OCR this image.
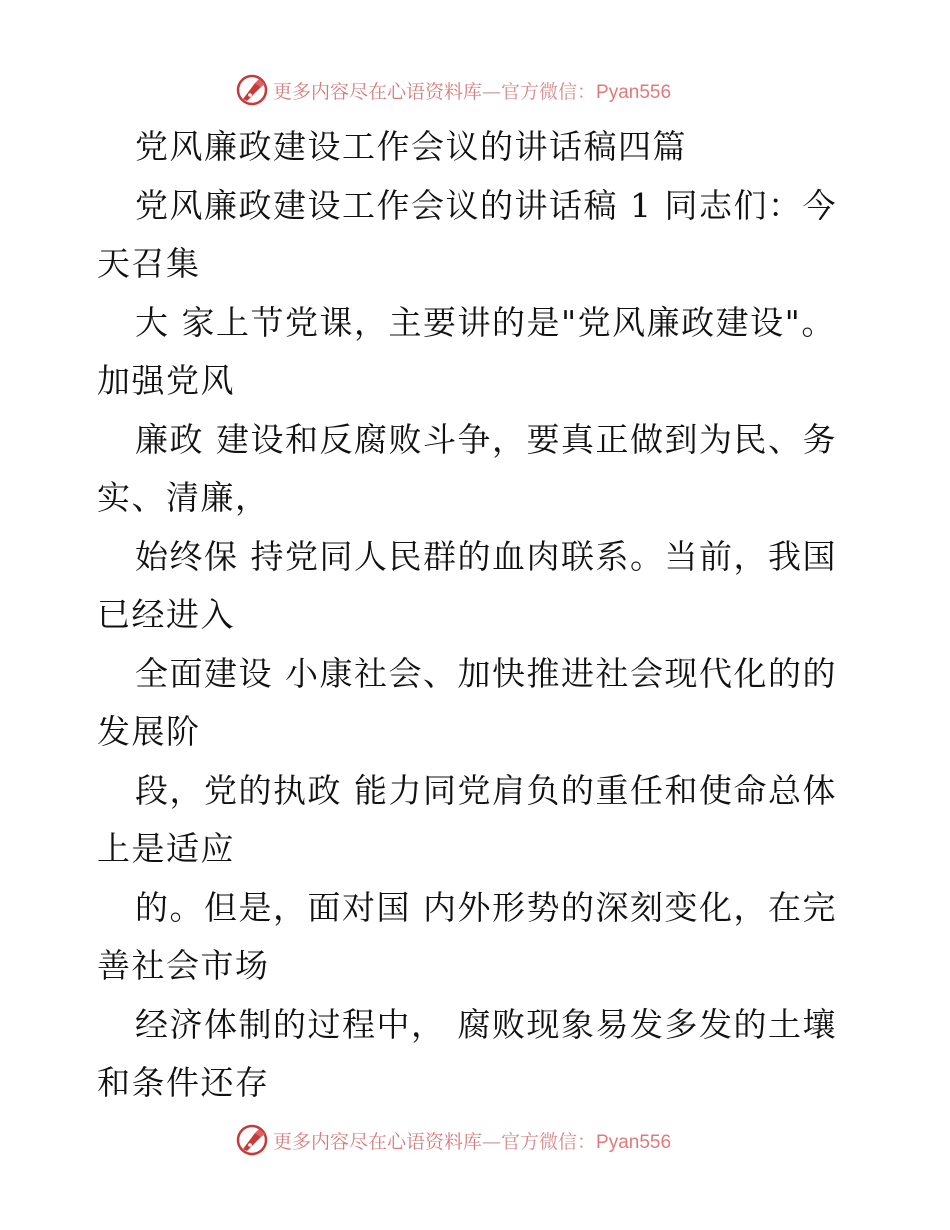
更多内容尽在心语资料库—官方微信：Pyan556
党风廉政建设工作会议的讲话稿四篇
党风廉政建设工作会议的讲话稿 1 同志们：今
天召集
大 家上节党课，主要讲的是"党风廉政建设"。
加强党风
廉政 建设和反腐败斗争，要真正做到为民、务
实、清廉，
始终保 持党同人民群的血肉联系。当前，我国
已经进入
全面建设 小康社会、加快推进社会现代化的的
发展阶
段，党的执政 能力同党肩负的重任和使命总体
上是适应
的。但是，面对国 内外形势的深刻变化，在完
善社会市场
经济体制的过程中， 腐败现象易发多发的土壤
和条件还存
更多内容尽在心语资料库—官方微信：Pyan556
